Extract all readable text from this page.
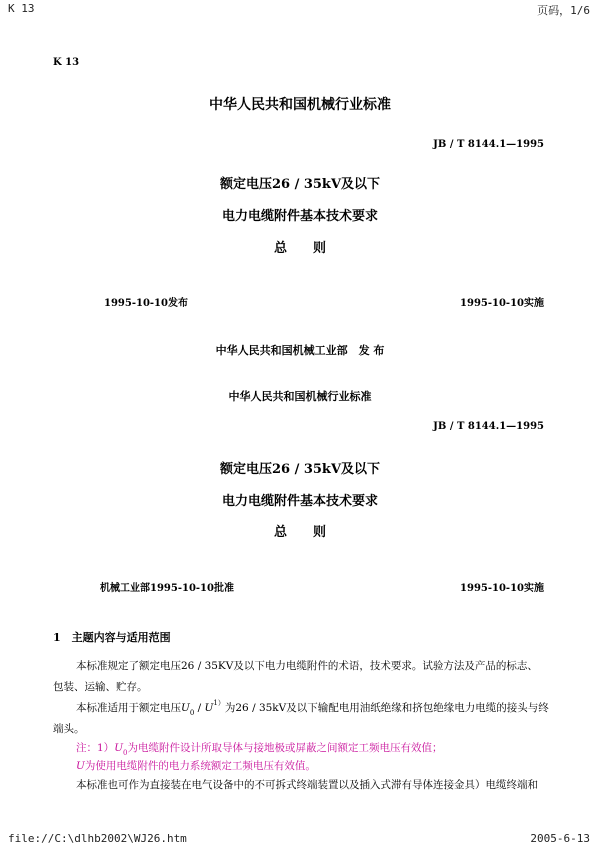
K 13	页码，1/6
K 13
中华人民共和国机械行业标准
JB / T 8144.1—1995
额定电压26 / 35kV及以下
电力电缆附件基本技术要求
总　　则
1995-10-10发布	1995-10-10实施
中华人民共和国机械工业部　发 布
中华人民共和国机械行业标准
JB / T 8144.1—1995
额定电压26 / 35kV及以下
电力电缆附件基本技术要求
总　　则
机械工业部1995-10-10批准	1995-10-10实施
1　主题内容与适用范围
本标准规定了额定电压26 / 35KV及以下电力电缆附件的术语，技术要求。试验方法及产品的标志、
包装、运输、贮存。
本标准适用于额定电压$U_0 / U^{1)}$为26 / 35kV及以下输配电用油纸绝缘和挤包绝缘电力电缆的接头与终
端头。
注：$1)U_0$为电缆附件设计所取导体与接地极或屏蔽之间额定工频电压有效值；
U为使用电缆附件的电力系统额定工频电压有效值。
本标准也可作为直接装在电气设备中的不可拆式终端装置以及插入式滞有导体连接金具）电缆终端和
file://C:\dlhb2002\WJ26.htm	2005-6-13
